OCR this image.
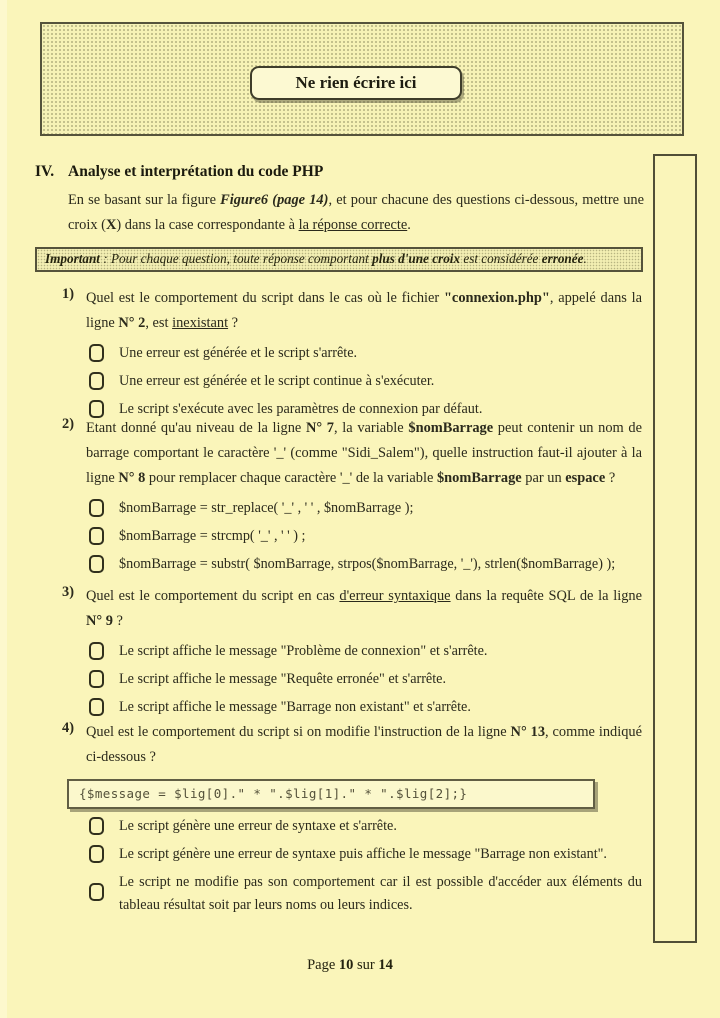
Ne rien écrire ici
IV. Analyse et interprétation du code PHP
En se basant sur la figure Figure6 (page 14), et pour chacune des questions ci-dessous, mettre une croix (X) dans la case correspondante à la réponse correcte.
Important : Pour chaque question, toute réponse comportant plus d'une croix est considérée erronée.
1) Quel est le comportement du script dans le cas où le fichier "connexion.php", appelé dans la ligne N° 2, est inexistant ?
Une erreur est générée et le script s'arrête.
Une erreur est générée et le script continue à s'exécuter.
Le script s'exécute avec les paramètres de connexion par défaut.
2) Etant donné qu'au niveau de la ligne N° 7, la variable $nomBarrage peut contenir un nom de barrage comportant le caractère '_' (comme "Sidi_Salem"), quelle instruction faut-il ajouter à la ligne N° 8 pour remplacer chaque caractère '_' de la variable $nomBarrage par un espace ?
$nomBarrage = str_replace( '_' , ' ' , $nomBarrage );
$nomBarrage = strcmp( '_' , ' ' ) ;
$nomBarrage = substr( $nomBarrage, strpos($nomBarrage, '_'), strlen($nomBarrage) );
3) Quel est le comportement du script en cas d'erreur syntaxique dans la requête SQL de la ligne N° 9 ?
Le script affiche le message "Problème de connexion" et s'arrête.
Le script affiche le message "Requête erronée" et s'arrête.
Le script affiche le message "Barrage non existant" et s'arrête.
4) Quel est le comportement du script si on modifie l'instruction de la ligne N° 13, comme indiqué ci-dessous ?
{$message = $lig[0]." * ".$lig[1]." * ".$lig[2];}
Le script génère une erreur de syntaxe et s'arrête.
Le script génère une erreur de syntaxe puis affiche le message "Barrage non existant".
Le script ne modifie pas son comportement car il est possible d'accéder aux éléments du tableau résultat soit par leurs noms ou leurs indices.
Page 10 sur 14
